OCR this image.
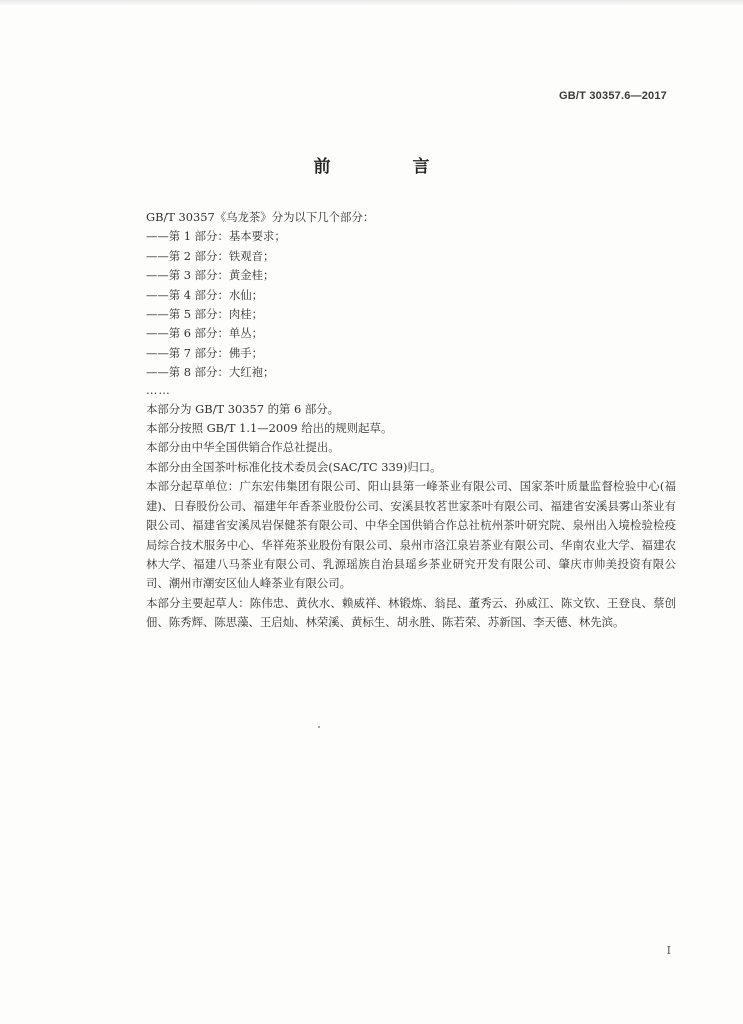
GB/T 30357.6—2017
前 言
GB/T 30357《乌龙茶》分为以下几个部分：
——第 1 部分：基本要求；
——第 2 部分：铁观音；
——第 3 部分：黄金桂；
——第 4 部分：水仙；
——第 5 部分：肉桂；
——第 6 部分：单丛；
——第 7 部分：佛手；
——第 8 部分：大红袍；
……
本部分为 GB/T 30357 的第 6 部分。
本部分按照 GB/T 1.1—2009 给出的规则起草。
本部分由中华全国供销合作总社提出。
本部分由全国茶叶标准化技术委员会(SAC/TC 339)归口。
本部分起草单位：广东宏伟集团有限公司、阳山县第一峰茶业有限公司、国家茶叶质量监督检验中心(福建)、日春股份公司、福建年年香茶业股份公司、安溪县牧茗世家茶叶有限公司、福建省安溪县雾山茶业有限公司、福建省安溪凤岩保健茶有限公司、中华全国供销合作总社杭州茶叶研究院、泉州出入境检验检疫局综合技术服务中心、华祥苑茶业股份有限公司、泉州市洛江泉岩茶业有限公司、华南农业大学、福建农林大学、福建八马茶业有限公司、乳源瑶族自治县瑶乡茶业研究开发有限公司、肇庆市帅美投资有限公司、潮州市潮安区仙人峰茶业有限公司。
本部分主要起草人：陈伟忠、黄伙水、赖威祥、林锻炼、翁昆、董秀云、孙威江、陈文钦、王登良、蔡创佃、陈秀辉、陈思藻、王启灿、林荣溪、黄标生、胡永胜、陈若荣、苏新国、李天德、林先滨。
I
